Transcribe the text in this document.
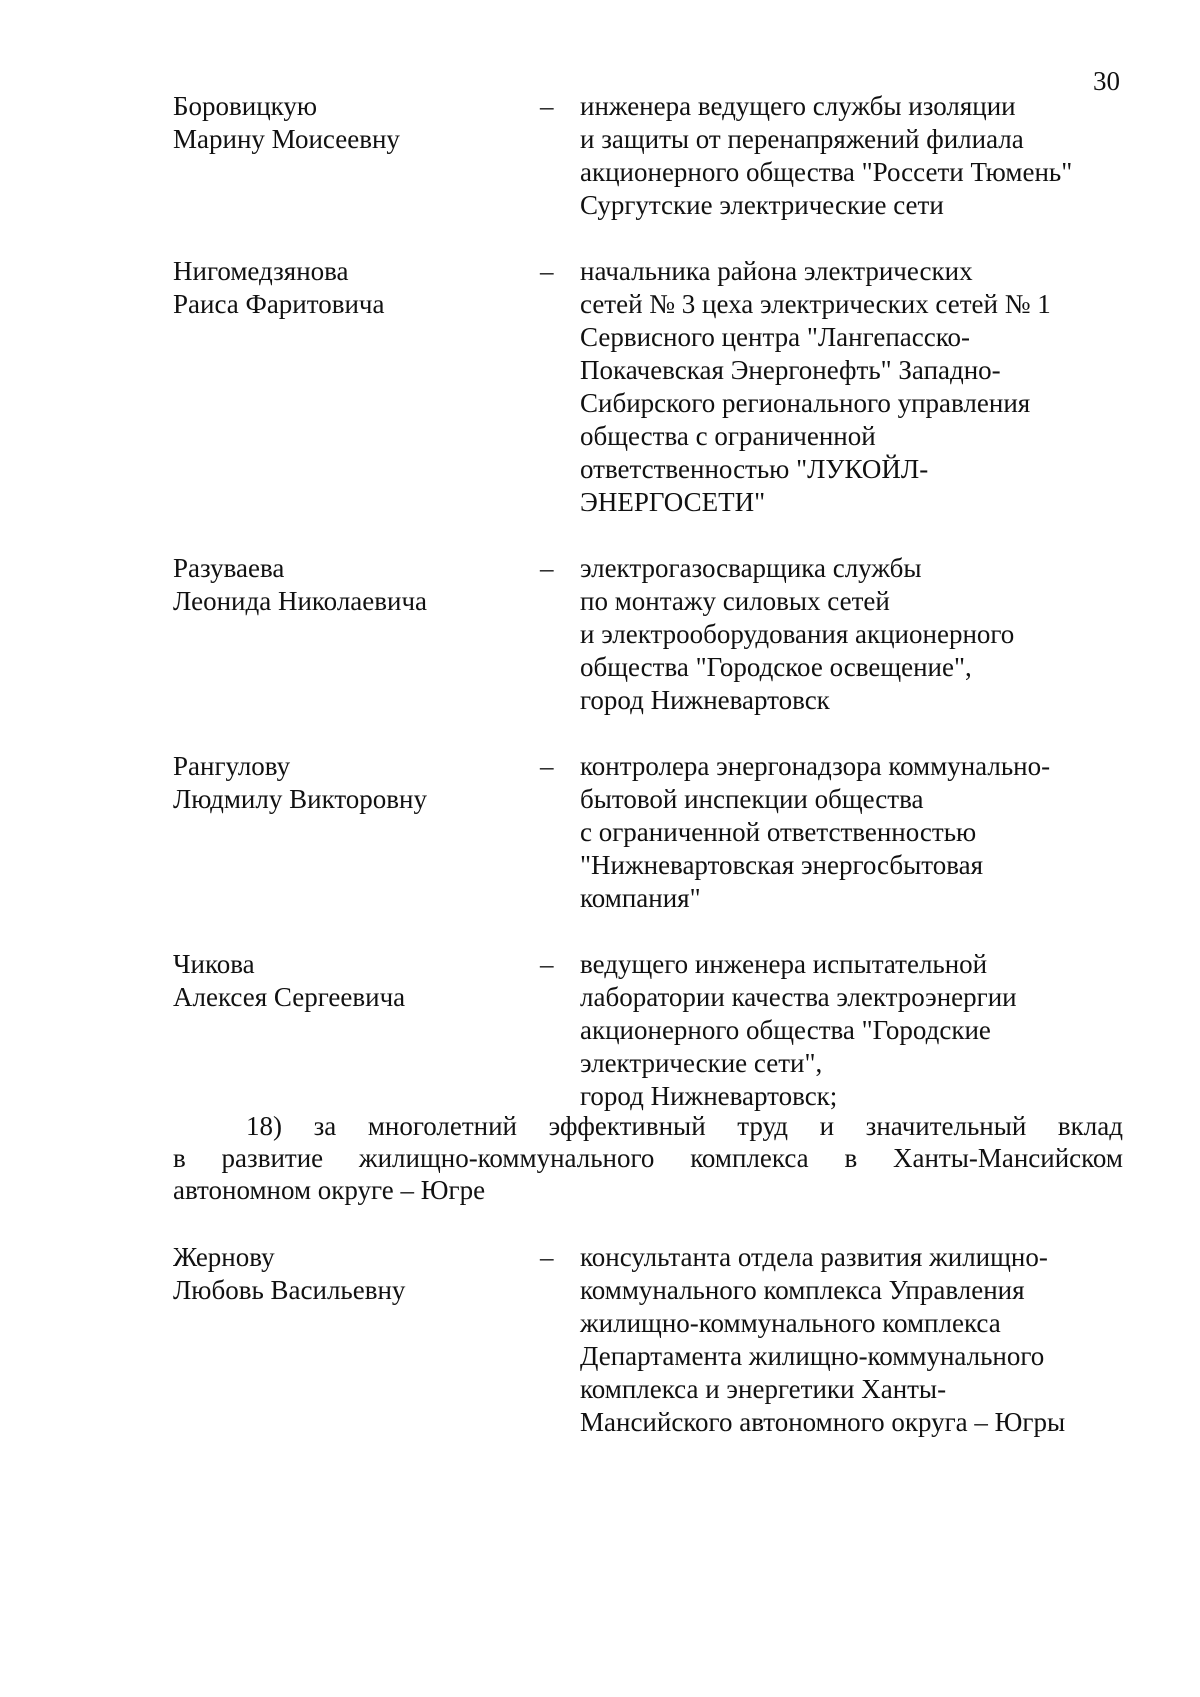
30
Боровицкую
Марину Моисеевну
– инженера ведущего службы изоляции
и защиты от перенапряжений филиала
акционерного общества "Россети Тюмень"
Сургутские электрические сети
Нигомедзянова
Раиса Фаритовича
– начальника района электрических
сетей № 3 цеха электрических сетей № 1
Сервисного центра "Лангепасско-
Покачевская Энергонефть" Западно-
Сибирского регионального управления
общества с ограниченной
ответственностью "ЛУКОЙЛ-
ЭНЕРГОСЕТИ"
Разуваева
Леонида Николаевича
– электрогазосварщика службы
по монтажу силовых сетей
и электрооборудования акционерного
общества "Городское освещение",
город Нижневартовск
Рангулову
Людмилу Викторовну
– контролера энергонадзора коммунально-
бытовой инспекции общества
с ограниченной ответственностью
"Нижневартовская энергосбытовая
компания"
Чикова
Алексея Сергеевича
– ведущего инженера испытательной
лаборатории качества электроэнергии
акционерного общества "Городские
электрические сети",
город Нижневартовск;
18) за многолетний эффективный труд и значительный вклад
в развитие жилищно-коммунального комплекса в Ханты-Мансийском
автономном округе – Югре
Жернову
Любовь Васильевну
– консультанта отдела развития жилищно-
коммунального комплекса Управления
жилищно-коммунального комплекса
Департамента жилищно-коммунального
комплекса и энергетики Ханты-
Мансийского автономного округа – Югры
